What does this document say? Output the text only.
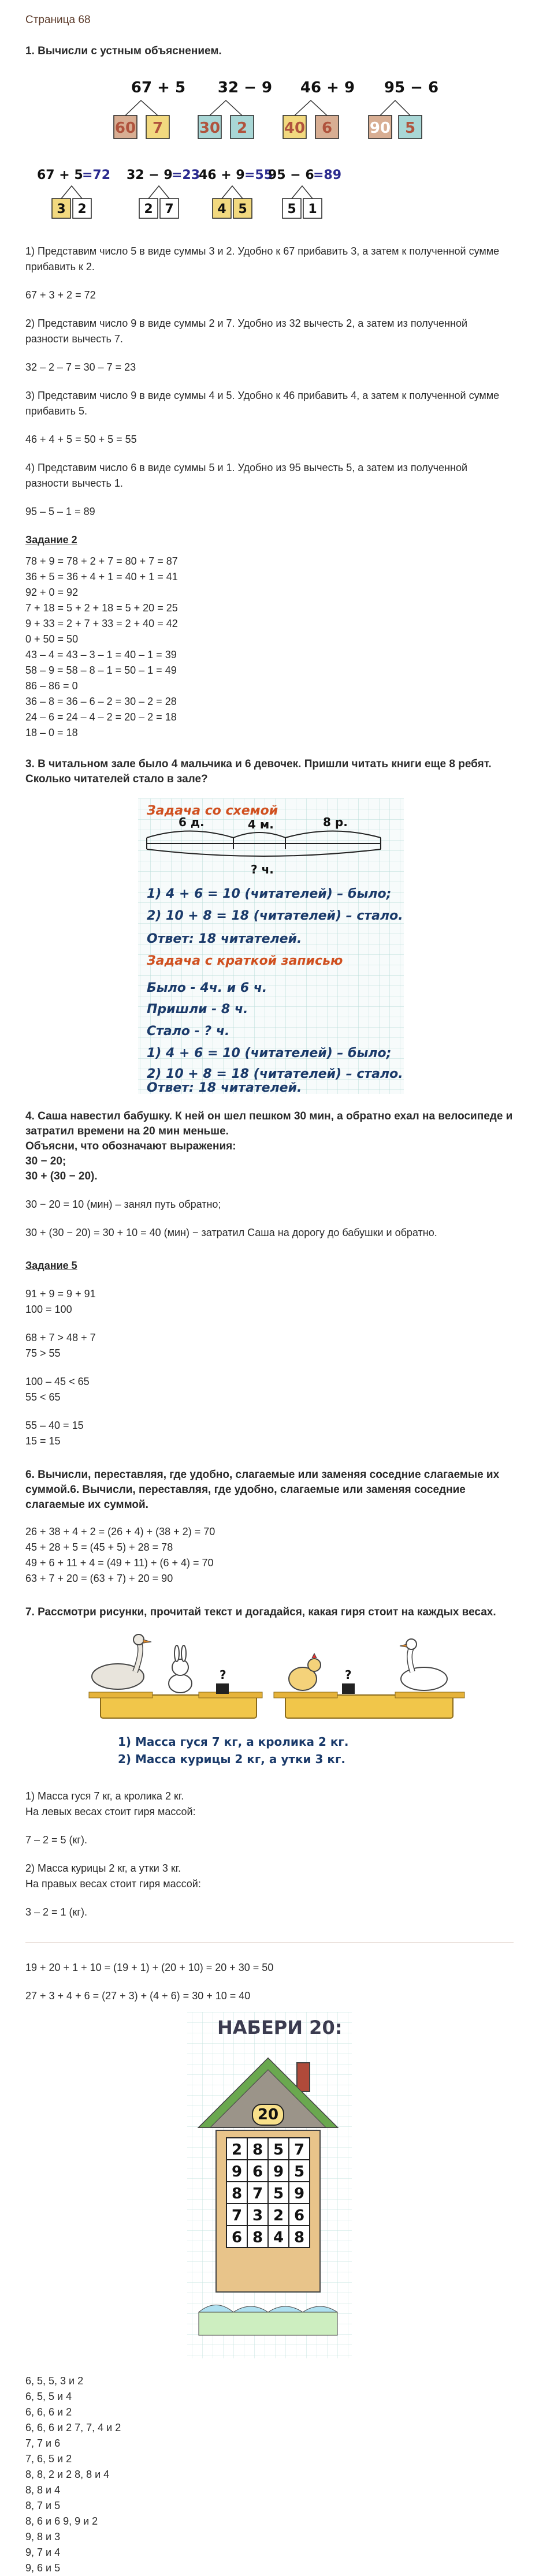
Страница 68
1. Вычисли с устным объяснением.
67 + 5 32 − 9 46 + 9 95 − 6
60 7 30 2 40 6 90 5
67 + 5
=72 32 − 9
=23
46 + 9 =55
95 − 6
=89
3 2	2 7	4 5	5 1
1) Представим число 5 в виде суммы 3 и 2. Удобно к 67 прибавить 3, а затем к полученной сумме прибавить к 2.
67 + 3 + 2 = 72
2) Представим число 9 в виде суммы 2 и 7. Удобно из 32 вычесть 2, а затем из полученной разности вычесть 7.
32 – 2 – 7 = 30 – 7 = 23
3) Представим число 9 в виде суммы 4 и 5. Удобно к 46 прибавить 4, а затем к полученной сумме прибавить 5.
46 + 4 + 5 = 50 + 5 = 55
4) Представим число 6 в виде суммы 5 и 1. Удобно из 95 вычесть 5, а затем из полученной разности вычесть 1.
95 – 5 – 1 = 89
Задание 2
78 + 9 = 78 + 2 + 7 = 80 + 7 = 87
36 + 5 = 36 + 4 + 1 = 40 + 1 = 41
92 + 0 = 92
7 + 18 = 5 + 2 + 18 = 5 + 20 = 25
9 + 33 = 2 + 7 + 33 = 2 + 40 = 42
0 + 50 = 50
43 – 4 = 43 – 3 – 1 = 40 – 1 = 39
58 – 9 = 58 – 8 – 1 = 50 – 1 = 49
86 – 86 = 0
36 – 8 = 36 – 6 – 2 = 30 – 2 = 28
24 – 6 = 24 – 4 – 2 = 20 – 2 = 18
18 – 0 = 18
3. В читальном зале было 4 мальчика и 6 девочек. Пришли читать книги еще 8 ребят. Сколько читателей стало в зале?
Задача со схемой
6 д.	4 м.	8 р.
? ч.
1) 4 + 6 = 10 (читателей) – было;
2) 10 + 8 = 18 (читателей) – стало.
Ответ: 18 читателей.
Задача с краткой записью
Было - 4ч. и 6 ч.
Пришли - 8 ч.
Стало - ? ч.
1) 4 + 6 = 10 (читателей) – было;
2) 10 + 8 = 18 (читателей) – стало.
Ответ: 18 читателей.
4. Саша навестил бабушку. К ней он шел пешком 30 мин, а обратно ехал на велосипеде и затратил времени на 20 мин меньше.
Объясни, что обозначают выражения:
30 − 20;
30 + (30 − 20).
30 − 20 = 10 (мин) – занял путь обратно;
30 + (30 − 20) = 30 + 10 = 40 (мин) − затратил Саша на дорогу до бабушки и обратно.
Задание 5
91 + 9 = 9 + 91
100 = 100
68 + 7 > 48 + 7
75 > 55
100 – 45 < 65
55 < 65
55 – 40 = 15
15 = 15
6. Вычисли, переставляя, где удобно, слагаемые или заменяя соседние слагаемые их суммой.6. Вычисли, переставляя, где удобно, слагаемые или заменяя соседние слагаемые их суммой.
26 + 38 + 4 + 2 = (26 + 4) + (38 + 2) = 70
45 + 28 + 5 = (45 + 5) + 28 = 78
49 + 6 + 11 + 4 = (49 + 11) + (6 + 4) = 70
63 + 7 + 20 = (63 + 7) + 20 = 90
7. Рассмотри рисунки, прочитай текст и догадайся, какая гиря стоит на каждых весах.
?	?
1) Масса гуся 7 кг, а кролика 2 кг.
2) Масса курицы 2 кг, а утки 3 кг.
1) Масса гуся 7 кг, а кролика 2 кг.
На левых весах стоит гиря массой:
7 – 2 = 5 (кг).
2) Масса курицы 2 кг, а утки 3 кг.
На правых весах стоит гиря массой:
3 – 2 = 1 (кг).
19 + 20 + 1 + 10 = (19 + 1) + (20 + 10) = 20 + 30 = 50
27 + 3 + 4 + 6 = (27 + 3) + (4 + 6) = 30 + 10 = 40
НАБЕРИ 20:
20
2 8 5 7
9 6 9 5
8 7 5 9
7 3 2 6
6 8 4 8
6, 5, 5, 3 и 2
6, 5, 5 и 4
6, 6, 6 и 2
6, 6, 6 и 2 7, 7, 4 и 2
7, 7 и 6
7, 6, 5 и 2
8, 8, 2 и 2 8, 8 и 4
8, 8 и 4
8, 7 и 5
8, 6 и 6 9, 9 и 2
9, 8 и 3
9, 7 и 4
9, 6 и 5
